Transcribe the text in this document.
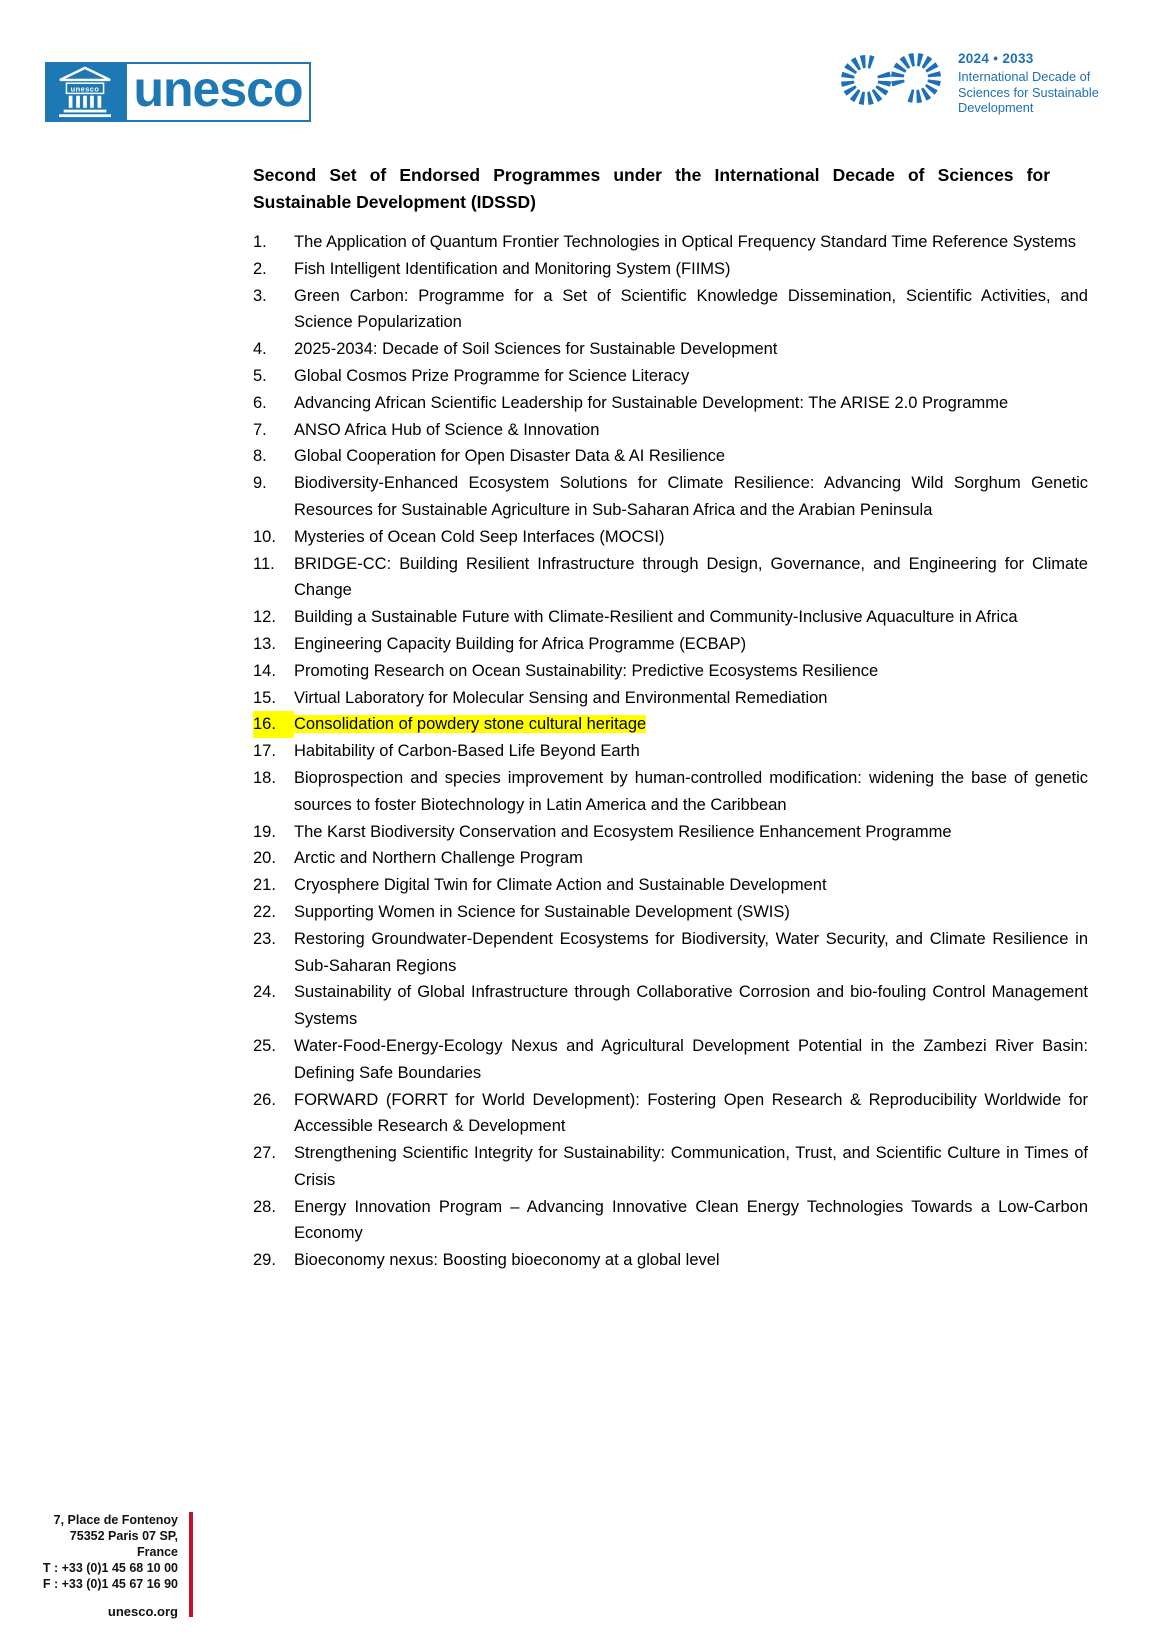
unesco unesco
2024 • 2033
International Decade of
Sciences for Sustainable
Development
Second Set of Endorsed Programmes under the International Decade of Sciences for Sustainable Development (IDSSD)
1.	The Application of Quantum Frontier Technologies in Optical Frequency Standard Time Reference Systems
2.	Fish Intelligent Identification and Monitoring System (FIIMS)
3.	Green Carbon: Programme for a Set of Scientific Knowledge Dissemination, Scientific Activities, and Science Popularization
4.	2025-2034: Decade of Soil Sciences for Sustainable Development
5.	Global Cosmos Prize Programme for Science Literacy
6.	Advancing African Scientific Leadership for Sustainable Development: The ARISE 2.0 Programme
7.	ANSO Africa Hub of Science & Innovation
8.	Global Cooperation for Open Disaster Data & AI Resilience
9.	Biodiversity-Enhanced Ecosystem Solutions for Climate Resilience: Advancing Wild Sorghum Genetic Resources for Sustainable Agriculture in Sub-Saharan Africa and the Arabian Peninsula
10.	Mysteries of Ocean Cold Seep Interfaces (MOCSI)
11.	BRIDGE-CC: Building Resilient Infrastructure through Design, Governance, and Engineering for Climate Change
12.	Building a Sustainable Future with Climate-Resilient and Community-Inclusive Aquaculture in Africa
13.	Engineering Capacity Building for Africa Programme (ECBAP)
14.	Promoting Research on Ocean Sustainability: Predictive Ecosystems Resilience
15.	Virtual Laboratory for Molecular Sensing and Environmental Remediation
16.	Consolidation of powdery stone cultural heritage
17.	Habitability of Carbon-Based Life Beyond Earth
18.	Bioprospection and species improvement by human-controlled modification: widening the base of genetic sources to foster Biotechnology in Latin America and the Caribbean
19.	The Karst Biodiversity Conservation and Ecosystem Resilience Enhancement Programme
20.	Arctic and Northern Challenge Program
21.	Cryosphere Digital Twin for Climate Action and Sustainable Development
22.	Supporting Women in Science for Sustainable Development (SWIS)
23.	Restoring Groundwater-Dependent Ecosystems for Biodiversity, Water Security, and Climate Resilience in Sub-Saharan Regions
24.	Sustainability of Global Infrastructure through Collaborative Corrosion and bio-fouling Control Management Systems
25.	Water-Food-Energy-Ecology Nexus and Agricultural Development Potential in the Zambezi River Basin: Defining Safe Boundaries
26.	FORWARD (FORRT for World Development): Fostering Open Research & Reproducibility Worldwide for Accessible Research & Development
27.	Strengthening Scientific Integrity for Sustainability: Communication, Trust, and Scientific Culture in Times of Crisis
28.	Energy Innovation Program – Advancing Innovative Clean Energy Technologies Towards a Low-Carbon Economy
29.	Bioeconomy nexus: Boosting bioeconomy at a global level
7, Place de Fontenoy
75352 Paris 07 SP, France
T : +33 (0)1 45 68 10 00
F : +33 (0)1 45 67 16 90
unesco.org
